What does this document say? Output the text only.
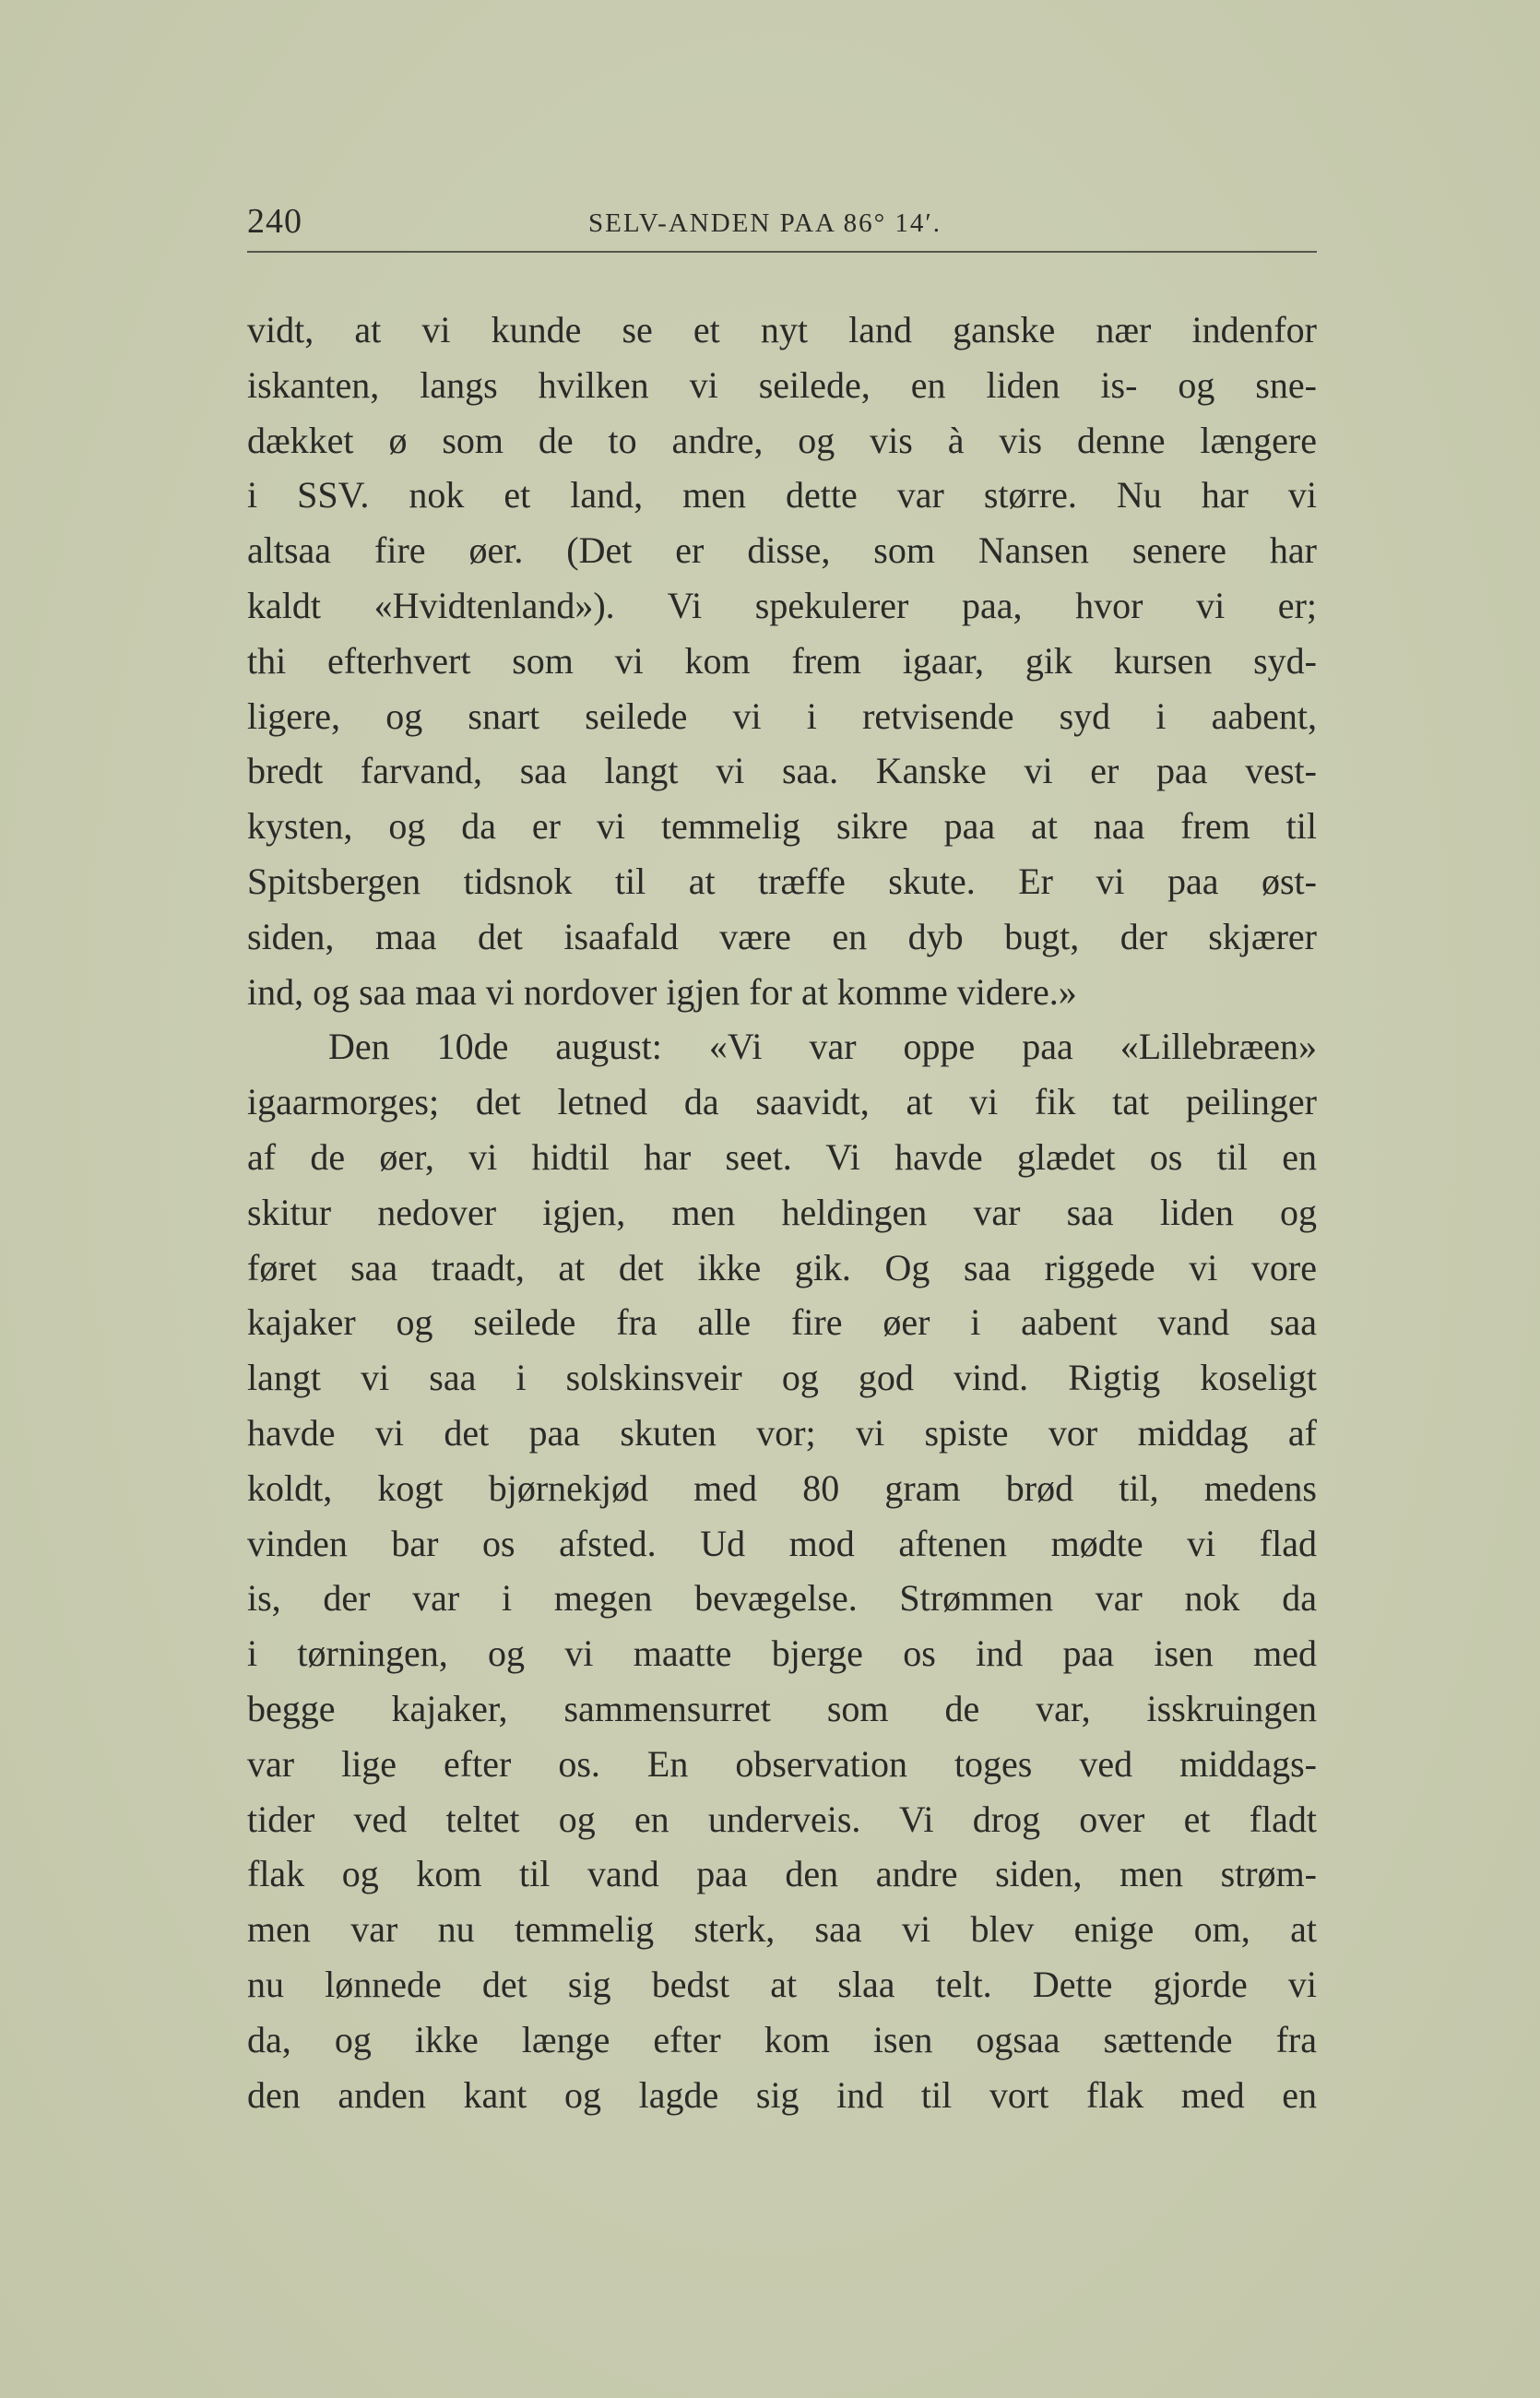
240	SELV-ANDEN PAA 86° 14′.
vidt, at vi kunde se et nyt land ganske nær indenfor
iskanten, langs hvilken vi seilede, en liden is- og sne-
dækket ø som de to andre, og vis à vis denne længere
i SSV. nok et land, men dette var større. Nu har vi
altsaa fire øer. (Det er disse, som Nansen senere har
kaldt «Hvidtenland»). Vi spekulerer paa, hvor vi er;
thi efterhvert som vi kom frem igaar, gik kursen syd-
ligere, og snart seilede vi i retvisende syd i aabent,
bredt farvand, saa langt vi saa. Kanske vi er paa vest-
kysten, og da er vi temmelig sikre paa at naa frem til
Spitsbergen tidsnok til at træffe skute. Er vi paa øst-
siden, maa det isaafald være en dyb bugt, der skjærer
ind, og saa maa vi nordover igjen for at komme videre.»
Den 10de august: «Vi var oppe paa «Lillebræen»
igaarmorges; det letned da saavidt, at vi fik tat peilinger
af de øer, vi hidtil har seet. Vi havde glædet os til en
skitur nedover igjen, men heldingen var saa liden og
føret saa traadt, at det ikke gik. Og saa riggede vi vore
kajaker og seilede fra alle fire øer i aabent vand saa
langt vi saa i solskinsveir og god vind. Rigtig koseligt
havde vi det paa skuten vor; vi spiste vor middag af
koldt, kogt bjørnekjød med 80 gram brød til, medens
vinden bar os afsted. Ud mod aftenen mødte vi flad
is, der var i megen bevægelse. Strømmen var nok da
i tørningen, og vi maatte bjerge os ind paa isen med
begge kajaker, sammensurret som de var, isskruingen
var lige efter os. En observation toges ved middags-
tider ved teltet og en underveis. Vi drog over et fladt
flak og kom til vand paa den andre siden, men strøm-
men var nu temmelig sterk, saa vi blev enige om, at
nu lønnede det sig bedst at slaa telt. Dette gjorde vi
da, og ikke længe efter kom isen ogsaa sættende fra
den anden kant og lagde sig ind til vort flak med en
